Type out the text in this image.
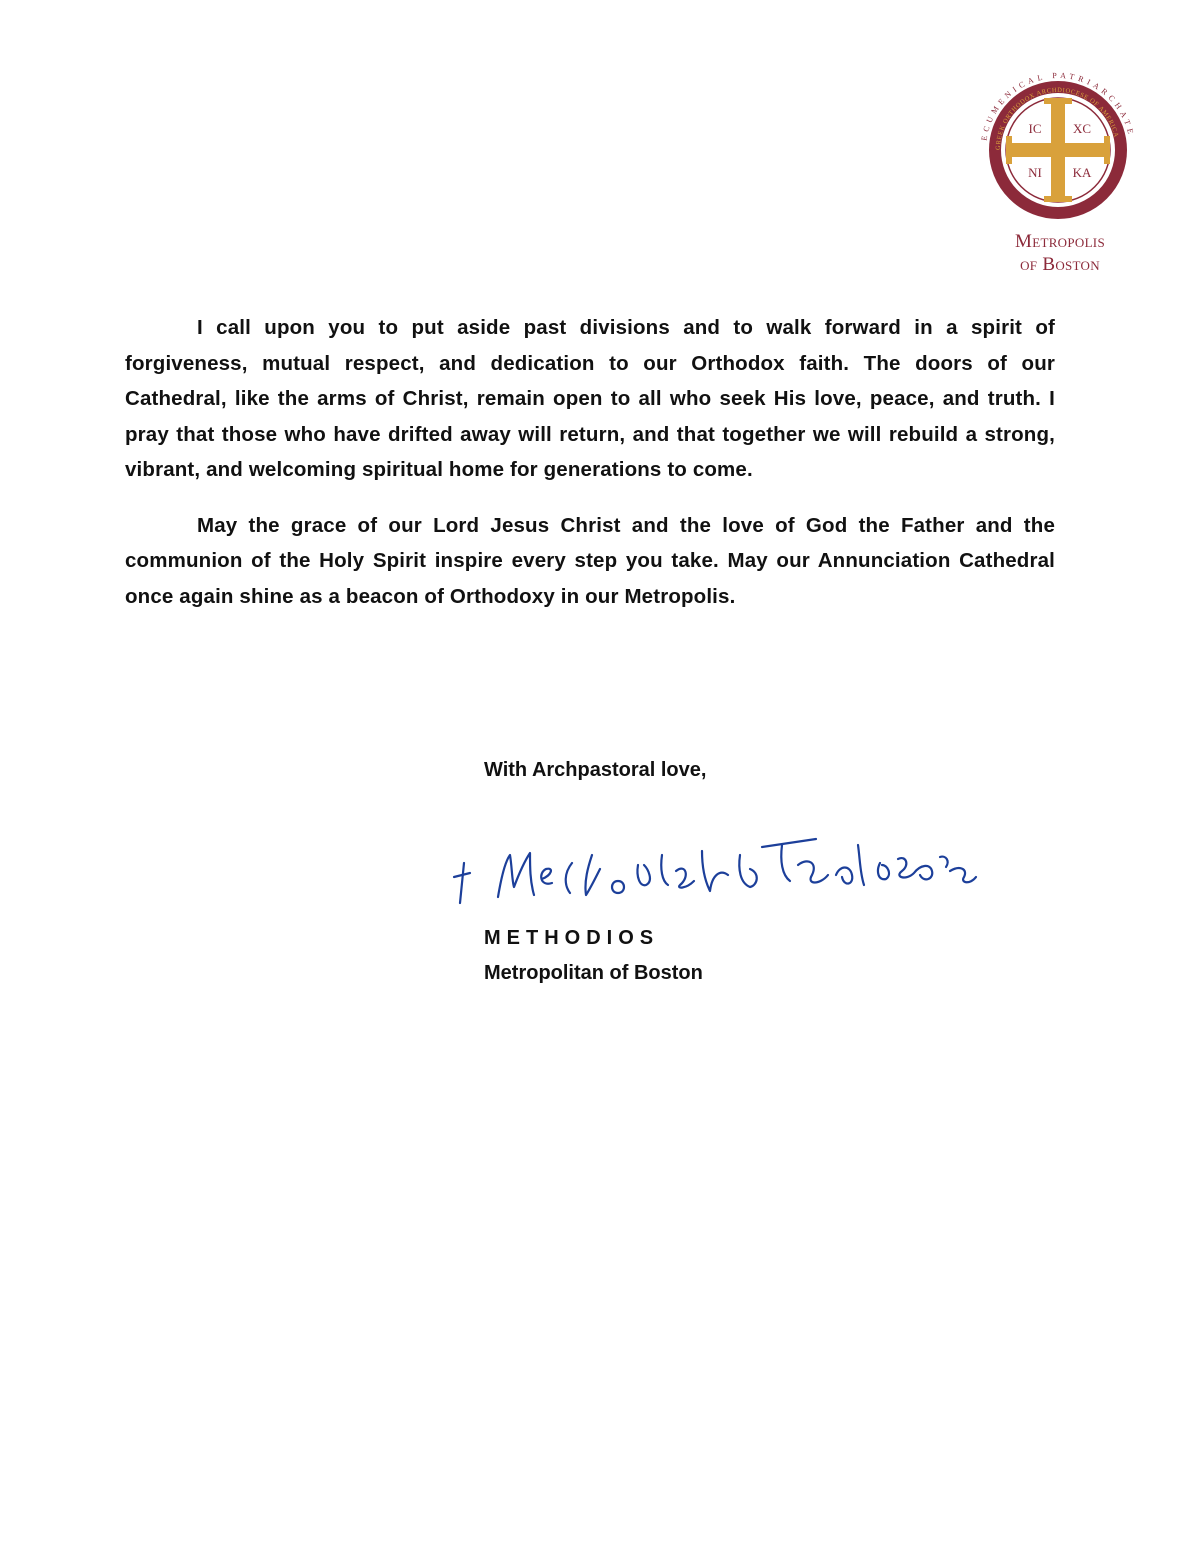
ECUMENICAL PATRIARCHATE
GREEK ORTHODOX ARCHDIOCESE OF AMERICA
IC XC
NI KA
Metropolis
of Boston

I call upon you to put aside past divisions and to walk forward in a spirit of forgiveness, mutual respect, and dedication to our Orthodox faith. The doors of our Cathedral, like the arms of Christ, remain open to all who seek His love, peace, and truth. I pray that those who have drifted away will return, and that together we will rebuild a strong, vibrant, and welcoming spiritual home for generations to come.

May the grace of our Lord Jesus Christ and the love of God the Father and the communion of the Holy Spirit inspire every step you take. May our Annunciation Cathedral once again shine as a beacon of Orthodoxy in our Metropolis.

With Archpastoral love,
METHODIOS
Metropolitan of Boston
